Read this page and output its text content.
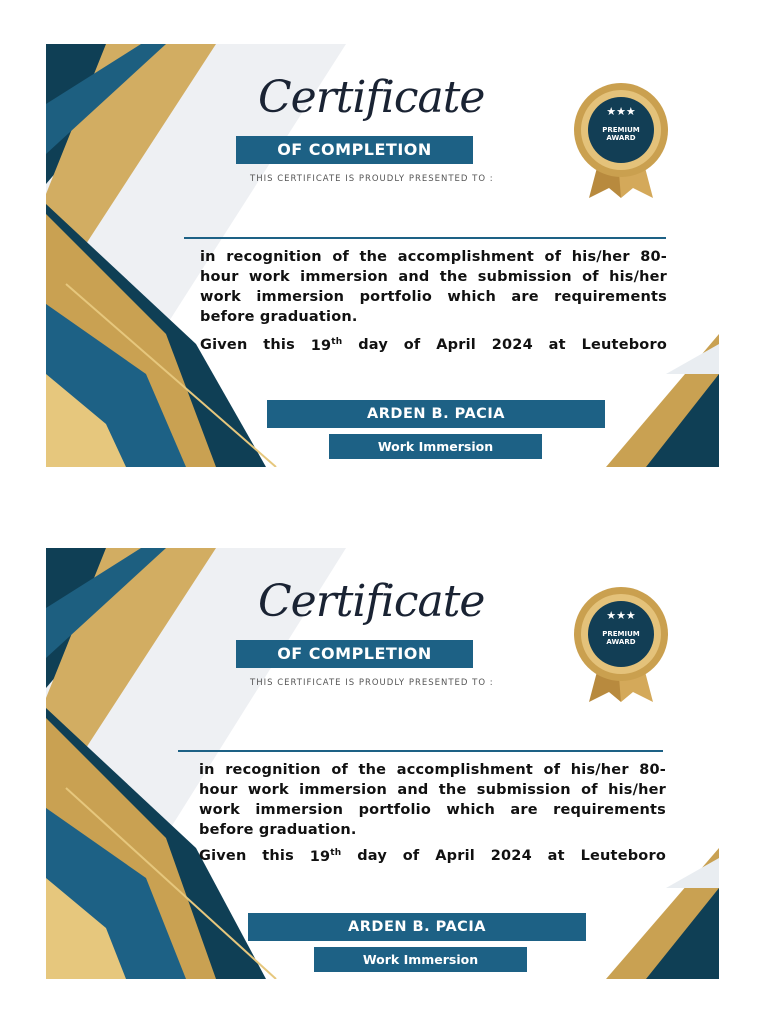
Certificate
OF COMPLETION
THIS CERTIFICATE IS PROUDLY PRESENTED TO :
★★★
PREMIUM
AWARD
in recognition of the accomplishment of his/her 80-hour work immersion and the submission of his/her work immersion portfolio which are requirements before graduation.
Given this 19th day of April 2024 at Leuteboro
ARDEN B. PACIA
Work Immersion
Certificate
OF COMPLETION
THIS CERTIFICATE IS PROUDLY PRESENTED TO :
★★★
PREMIUM
AWARD
in recognition of the accomplishment of his/her 80-hour work immersion and the submission of his/her work immersion portfolio which are requirements before graduation.
Given this 19th day of April 2024 at Leuteboro
ARDEN B. PACIA
Work Immersion
